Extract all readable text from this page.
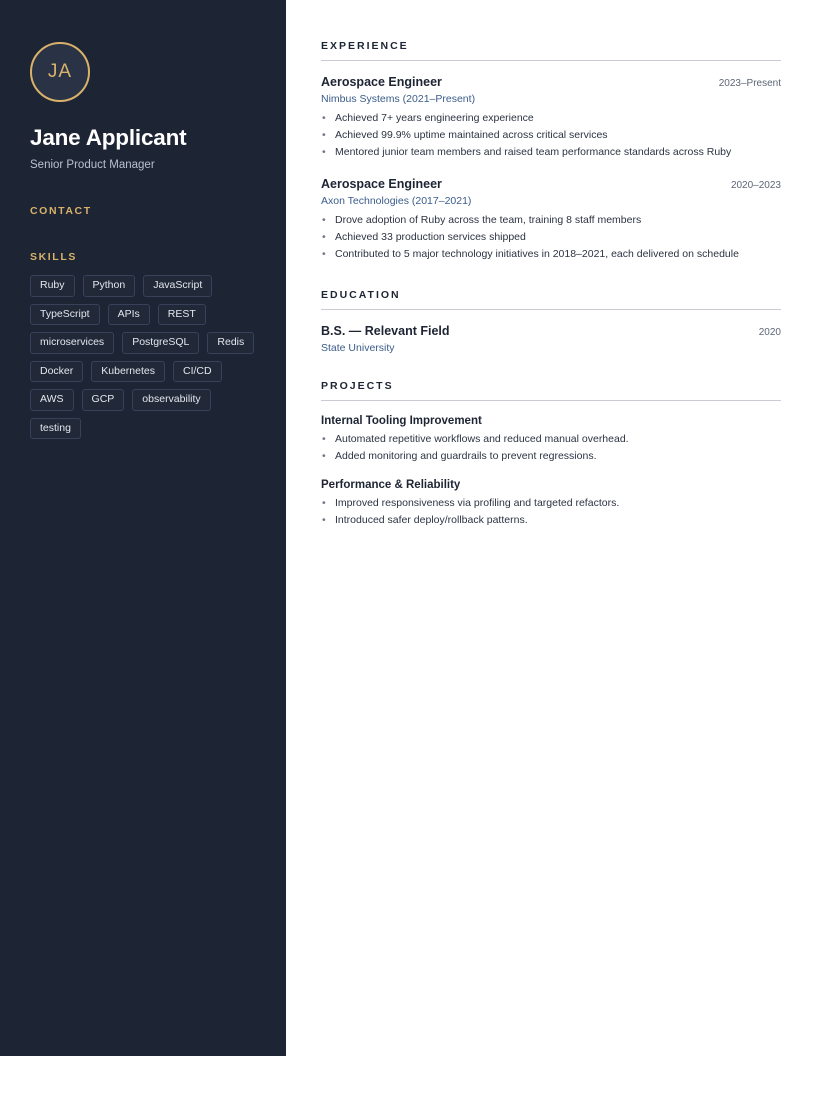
JA
Jane Applicant
Senior Product Manager
CONTACT
SKILLS
Ruby	Python	JavaScript
TypeScript	APIs	REST
microservices	PostgreSQL	Redis
Docker	Kubernetes	CI/CD
AWS	GCP	observability
testing
EXPERIENCE
Aerospace Engineer	2023–Present
Nimbus Systems (2021–Present)
• Achieved 7+ years engineering experience
• Achieved 99.9% uptime maintained across critical services
• Mentored junior team members and raised team performance standards across Ruby
Aerospace Engineer	2020–2023
Axon Technologies (2017–2021)
• Drove adoption of Ruby across the team, training 8 staff members
• Achieved 33 production services shipped
• Contributed to 5 major technology initiatives in 2018–2021, each delivered on schedule
EDUCATION
B.S. — Relevant Field	2020
State University
PROJECTS
Internal Tooling Improvement
• Automated repetitive workflows and reduced manual overhead.
• Added monitoring and guardrails to prevent regressions.
Performance & Reliability
• Improved responsiveness via profiling and targeted refactors.
• Introduced safer deploy/rollback patterns.
